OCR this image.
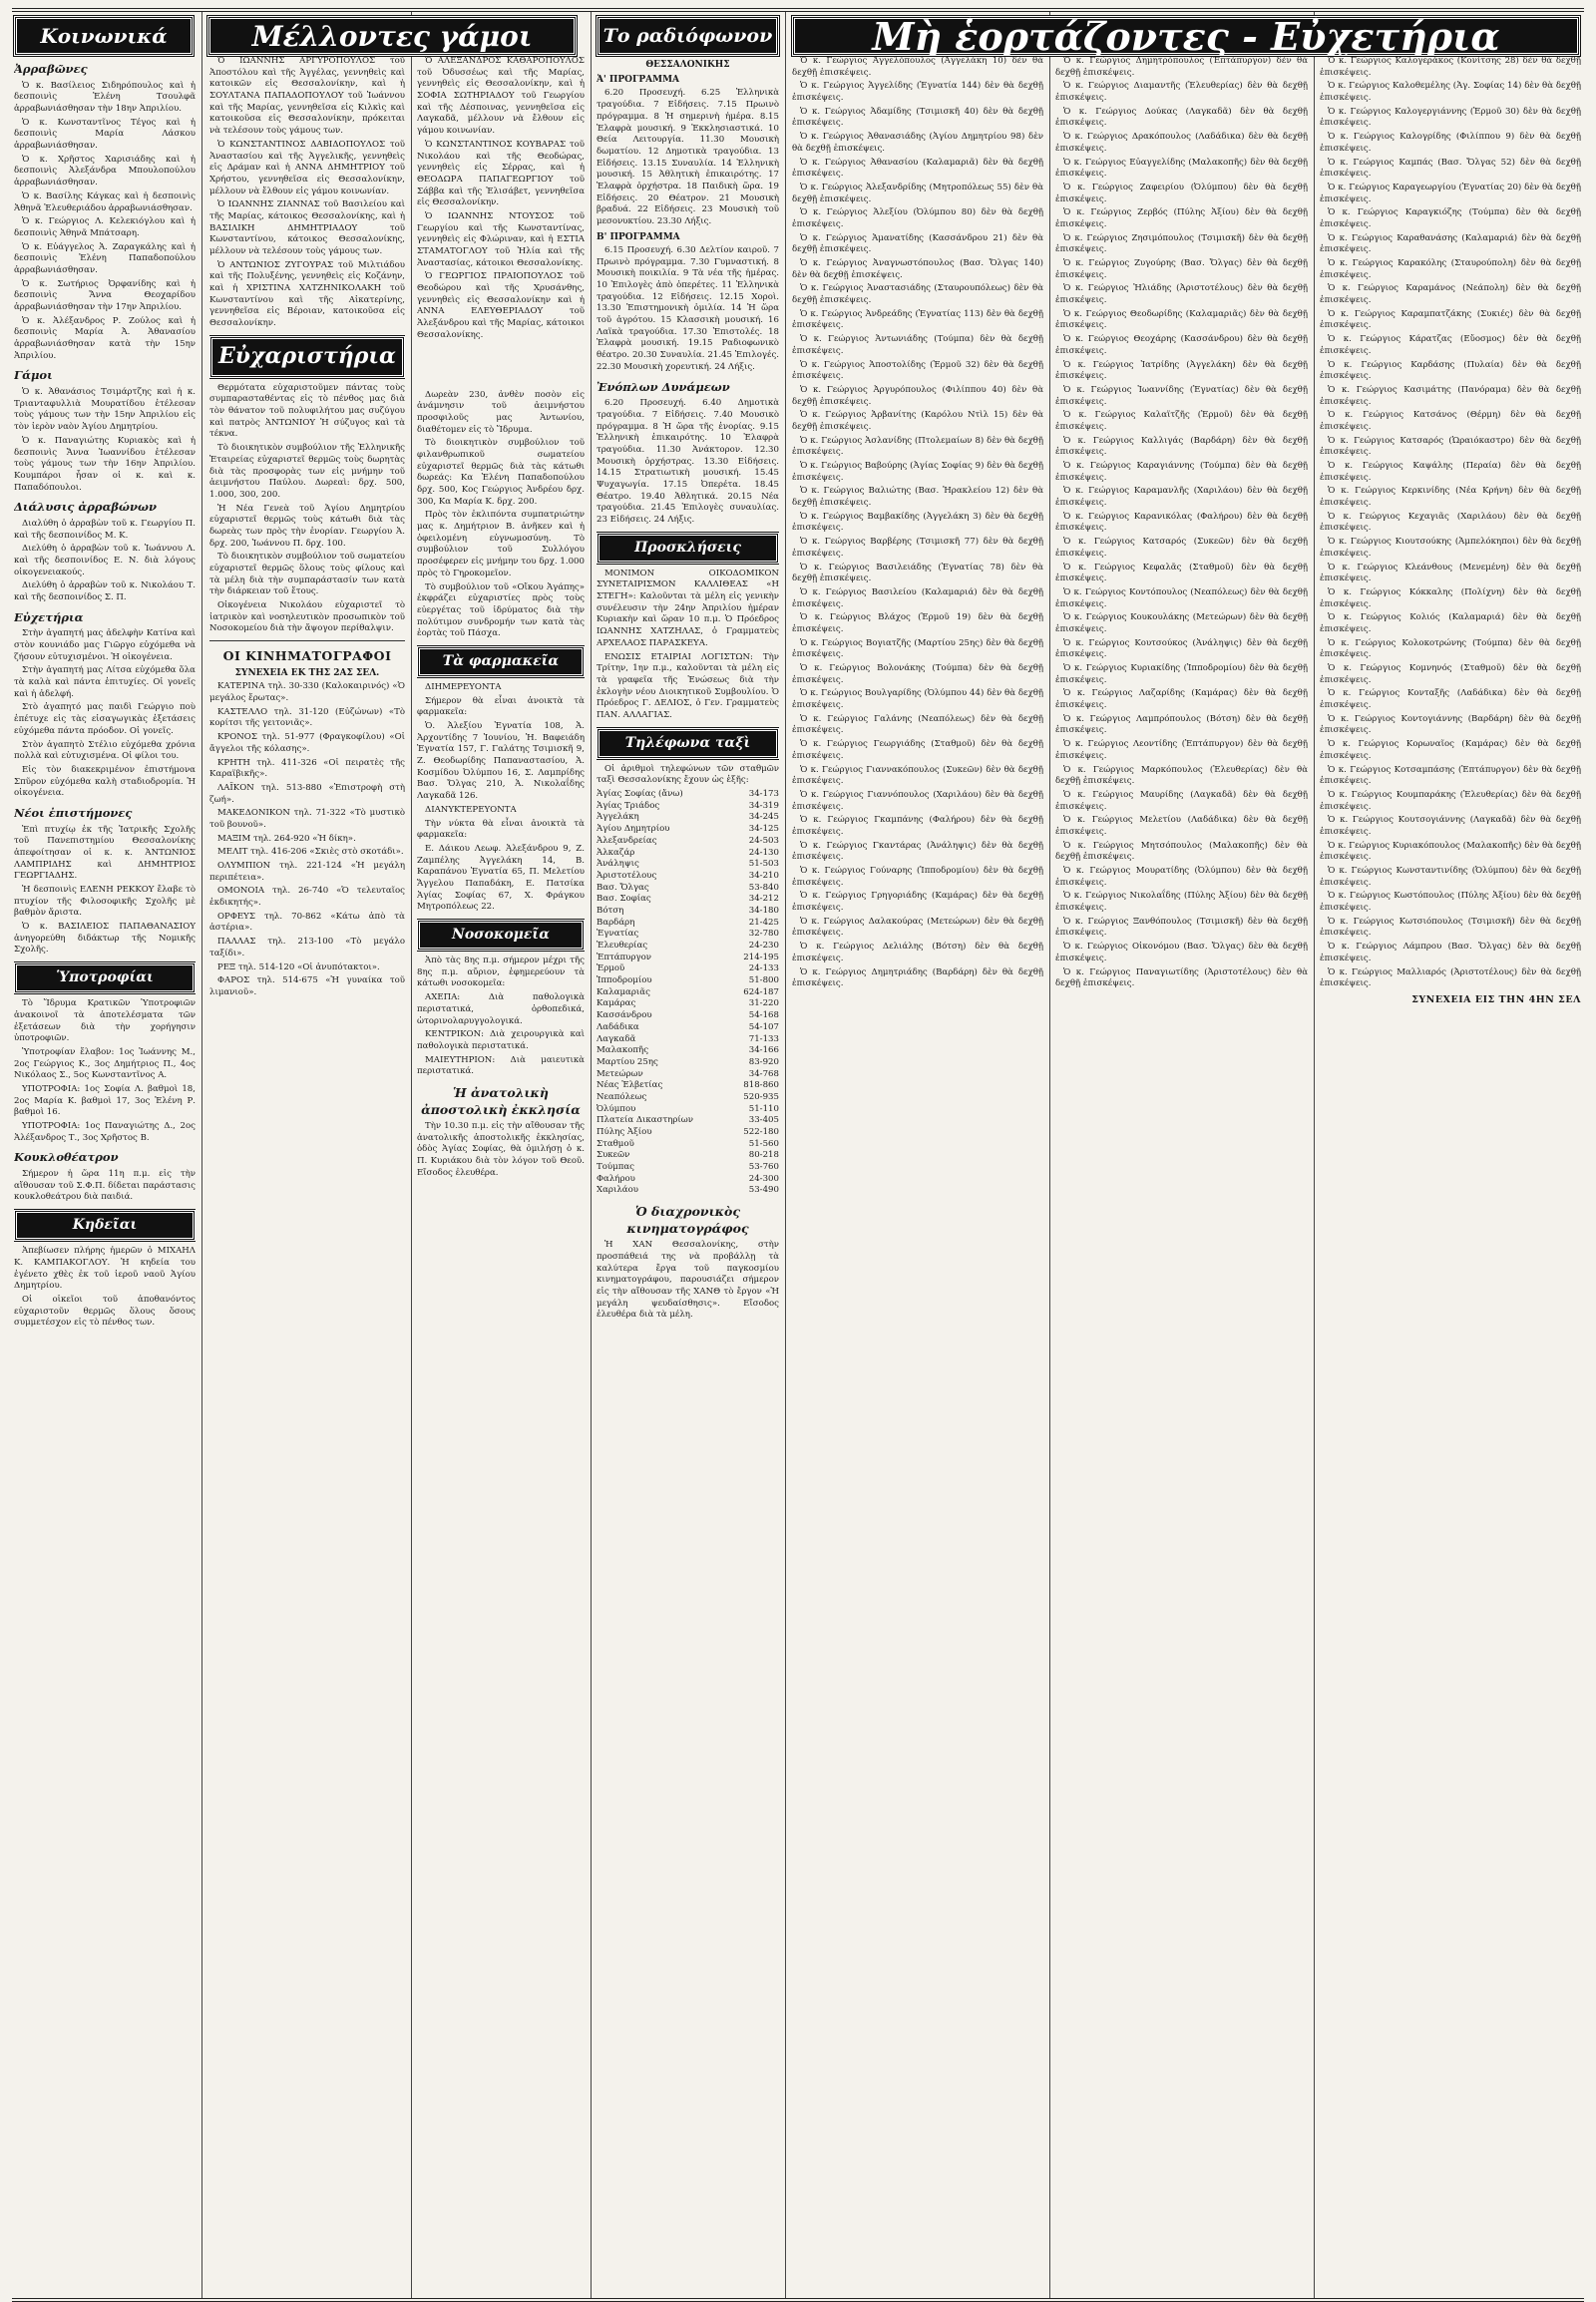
Κοινωνικά	Μέλλοντες γάμοι	Το ραδιόφωνον	Μὴ ἑορτάζοντες - Εὐχετήρια
Ἀρραβῶνες

Ὁ κ. Βασίλειος Σιδηρόπουλος καὶ ἡ δεσποινὶς Ἑλένη Τσουλφᾶ ἀρραβωνιάσθησαν τὴν 18ην Ἀπριλίου.

Ὁ κ. Κωνσταντῖνος Τέγος καὶ ἡ δεσποινὶς Μαρία Λάσκου ἀρραβωνιάσθησαν.

Ὁ κ. Χρῆστος Χαρισιάδης καὶ ἡ δεσποινὶς Ἀλεξάνδρα Μπουλοπούλου ἀρραβωνιάσθησαν.

Ὁ κ. Βασίλης Κάγκας καὶ ἡ δεσποινὶς Ἀθηνᾶ Ἐλευθεριάδου ἀρραβωνιάσθησαν.

Ὁ κ. Γεώργιος Λ. Κελεκιόγλου καὶ ἡ δεσποινὶς Ἀθηνᾶ Μπάτσαρη.

Ὁ κ. Εὐάγγελος Ἀ. Ζαραγκάλης καὶ ἡ δεσποινὶς Ἑλένη Παπαδοπούλου ἀρραβωνιάσθησαν.

Ὁ κ. Σωτήριος Ὀρφανίδης καὶ ἡ δεσποινὶς Ἄννα Θεοχαρίδου ἀρραβωνιάσθησαν τὴν 17ην Ἀπριλίου.

Ὁ κ. Ἀλέξανδρος Ρ. Ζούλος καὶ ἡ δεσποινὶς Μαρία Ἀ. Ἀθανασίου ἀρραβωνιάσθησαν κατὰ τὴν 15ην Ἀπριλίου.

Γάμοι

Ὁ κ. Ἀθανάσιος Τσιμάρτζης καὶ ἡ κ. Τριανταφυλλιὰ Μουρατίδου ἐτέλεσαν τοὺς γάμους των τὴν 15ην Ἀπριλίου εἰς τὸν ἱερὸν ναὸν Ἁγίου Δημητρίου.

Ὁ κ. Παναγιώτης Κυριακὸς καὶ ἡ δεσποινὶς Ἄννα Ἰωαννίδου ἐτέλεσαν τοὺς γάμους των τὴν 16ην Ἀπριλίου. Κουμπάροι ἦσαν οἱ κ. καὶ κ. Παπαδόπουλοι.

Διάλυσις ἀρραβώνων

Διαλύθη ὁ ἀρραβὼν τοῦ κ. Γεωργίου Π. καὶ τῆς δεσποινίδος Μ. Κ.

Διελύθη ὁ ἀρραβὼν τοῦ κ. Ἰωάννου Λ. καὶ τῆς δεσποινίδος Ε. Ν. διὰ λόγους οἰκογενειακούς.

Διελύθη ὁ ἀρραβὼν τοῦ κ. Νικολάου Τ. καὶ τῆς δεσποινίδος Σ. Π.

Εὐχετήρια

Στὴν ἀγαπητή μας ἀδελφὴν Κατίνα καὶ στὸν κουνιάδο μας Γιῶργο εὐχόμεθα νὰ ζήσουν εὐτυχισμένοι. Ἡ οἰκογένεια.

Στὴν ἀγαπητή μας Λίτσα εὐχόμεθα ὅλα τὰ καλὰ καὶ πάντα ἐπιτυχίες. Οἱ γονεῖς καὶ ἡ ἀδελφή.

Στὸ ἀγαπητό μας παιδὶ Γεώργιο ποὺ ἐπέτυχε εἰς τὰς εἰσαγωγικὰς ἐξετάσεις εὐχόμεθα πάντα πρόοδον. Οἱ γονεῖς.

Στὸν ἀγαπητὸ Στέλιο εὐχόμεθα χρόνια πολλὰ καὶ εὐτυχισμένα. Οἱ φίλοι του.

Εἰς τὸν διακεκριμένον ἐπιστήμονα Σπῦρον εὐχόμεθα καλὴ σταδιοδρομία. Ἡ οἰκογένεια.

Νέοι ἐπιστήμονες

Ἐπὶ πτυχίῳ ἐκ τῆς Ἰατρικῆς Σχολῆς τοῦ Πανεπιστημίου Θεσσαλονίκης ἀπεφοίτησαν οἱ κ. κ. ἈΝΤΩΝΙΟΣ ΛΑΜΠΡΙΔΗΣ καὶ ΔΗΜΗΤΡΙΟΣ ΓΕΩΡΓΙΑΔΗΣ.

Ἡ δεσποινὶς ΕΛΕΝΗ ΡΕΚΚΟΥ ἔλαβε τὸ πτυχίον τῆς Φιλοσοφικῆς Σχολῆς μὲ βαθμὸν ἄριστα.

Ὁ κ. ΒΑΣΙΛΕΙΟΣ ΠΑΠΑΘΑΝΑΣΙΟΥ ἀνηγορεύθη διδάκτωρ τῆς Νομικῆς Σχολῆς.

Ὑποτροφίαι

Τὸ Ἵδρυμα Κρατικῶν Ὑποτροφιῶν ἀνακοινοῖ τὰ ἀποτελέσματα τῶν ἐξετάσεων διὰ τὴν χορήγησιν ὑποτροφιῶν.

Ὑποτροφίαν ἔλαβον: 1ος Ἰωάννης Μ., 2ος Γεώργιος Κ., 3ος Δημήτριος Π., 4ος Νικόλαος Σ., 5ος Κωνσταντῖνος Α.

ΥΠΟΤΡΟΦΙΑ: 1ος Σοφία Λ. βαθμοὶ 18, 2ος Μαρία Κ. βαθμοὶ 17, 3ος Ἑλένη Ρ. βαθμοὶ 16.

ΥΠΟΤΡΟΦΙΑ: 1ος Παναγιώτης Δ., 2ος Ἀλέξανδρος Τ., 3ος Χρῆστος Β.

Κουκλοθέατρον

Σήμερον ἡ ὥρα 11η π.μ. εἰς τὴν αἴθουσαν τοῦ Σ.Φ.Π. δίδεται παράστασις κουκλοθεάτρου διὰ παιδιά.

Κηδεῖαι

Ἀπεβίωσεν πλήρης ἡμερῶν ὁ ΜΙΧΑΗΛ Κ. ΚΑΜΠΑΚΟΓΛΟΥ. Ἡ κηδεία του ἐγένετο χθὲς ἐκ τοῦ ἱεροῦ ναοῦ Ἁγίου Δημητρίου.

Οἱ οἰκεῖοι τοῦ ἀποθανόντος εὐχαριστοῦν θερμῶς ὅλους ὅσους συμμετέσχον εἰς τὸ πένθος των.

Ὁ ΙΩΑΝΝΗΣ ΑΡΓΥΡΟΠΟΥΛΟΣ τοῦ Ἀποστόλου καὶ τῆς Ἀγγέλας, γεννηθεὶς καὶ κατοικῶν εἰς Θεσσαλονίκην, καὶ ἡ ΣΟΥΛΤΑΝΑ ΠΑΠΑΔΟΠΟΥΛΟΥ τοῦ Ἰωάννου καὶ τῆς Μαρίας, γεννηθεῖσα εἰς Κιλκὶς καὶ κατοικοῦσα εἰς Θεσσαλονίκην, πρόκειται νὰ τελέσουν τοὺς γάμους των.

Ὁ ΚΩΝΣΤΑΝΤΙΝΟΣ ΔΑΒΙΔΟΠΟΥΛΟΣ τοῦ Ἀναστασίου καὶ τῆς Ἀγγελικῆς, γεννηθεὶς εἰς Δράμαν καὶ ἡ ΑΝΝΑ ΔΗΜΗΤΡΙΟΥ τοῦ Χρήστου, γεννηθεῖσα εἰς Θεσσαλονίκην, μέλλουν νὰ ἔλθουν εἰς γάμου κοινωνίαν.

Ὁ ΙΩΑΝΝΗΣ ΖΙΑΝΝΑΣ τοῦ Βασιλείου καὶ τῆς Μαρίας, κάτοικος Θεσσαλονίκης, καὶ ἡ ΒΑΣΙΛΙΚΗ ΔΗΜΗΤΡΙΑΔΟΥ τοῦ Κωνσταντίνου, κάτοικος Θεσσαλονίκης, μέλλουν νὰ τελέσουν τοὺς γάμους των.

Ὁ ΑΝΤΩΝΙΟΣ ΖΥΓΟΥΡΑΣ τοῦ Μιλτιάδου καὶ τῆς Πολυξένης, γεννηθεὶς εἰς Κοζάνην, καὶ ἡ ΧΡΙΣΤΙΝΑ ΧΑΤΖΗΝΙΚΟΛΑΚΗ τοῦ Κωνσταντίνου καὶ τῆς Αἰκατερίνης, γεννηθεῖσα εἰς Βέροιαν, κατοικοῦσα εἰς Θεσσαλονίκην.

Εὐχαριστήρια

Θερμότατα εὐχαριστοῦμεν πάντας τοὺς συμπαρασταθέντας εἰς τὸ πένθος μας διὰ τὸν θάνατον τοῦ πολυφιλήτου μας συζύγου καὶ πατρὸς ἈΝΤΩΝΙΟΥ Ἡ σύζυγος καὶ τὰ τέκνα.

Τὸ διοικητικὸν συμβούλιον τῆς Ἑλληνικῆς Ἑταιρείας εὐχαριστεῖ θερμῶς τοὺς δωρητὰς διὰ τὰς προσφορὰς των εἰς μνήμην τοῦ ἀειμνήστου Παύλου. Δωρεαὶ: δρχ. 500, 1.000, 300, 200.

Ἡ Νέα Γενεὰ τοῦ Ἀγίου Δημητρίου εὐχαριστεῖ θερμῶς τοὺς κάτωθι διὰ τὰς δωρεὰς των πρὸς τὴν ἐνορίαν. Γεωργίου Ἀ. δρχ. 200, Ἰωάννου Π. δρχ. 100.

Τὸ διοικητικὸν συμβούλιον τοῦ σωματείου εὐχαριστεῖ θερμῶς ὅλους τοὺς φίλους καὶ τὰ μέλη διὰ τὴν συμπαράστασίν των κατὰ τὴν διάρκειαν τοῦ ἔτους.

Οἰκογένεια Νικολάου εὐχαριστεῖ τὸ ἰατρικὸν καὶ νοσηλευτικὸν προσωπικὸν τοῦ Νοσοκομείου διὰ τὴν ἄψογον περίθαλψιν.

ΟΙ ΚΙΝΗΜΑΤΟΓΡΑΦΟΙ
ΣΥΝΕΧΕΙΑ ΕΚ ΤΗΣ 2ΑΣ ΣΕΛ.

ΚΑΤΕΡΙΝΑ τηλ. 30-330 (Καλοκαιρινός) «Ὁ μεγάλος ἔρωτας».

ΚΑΣΤΕΛΛΟ τηλ. 31-120 (Εὐζώνων) «Τὸ κορίτσι τῆς γειτονιᾶς».

ΚΡΟΝΟΣ τηλ. 51-977 (Φραγκοφίλου) «Οἱ ἄγγελοι τῆς κόλασης».

ΚΡΗΤΗ τηλ. 411-326 «Οἱ πειρατὲς τῆς Καραϊβικῆς».

ΛΑΪΚΟΝ τηλ. 513-880 «Ἐπιστροφὴ στὴ ζωή».

ΜΑΚΕΔΟΝΙΚΟΝ τηλ. 71-322 «Τὸ μυστικὸ τοῦ βουνοῦ».

ΜΑΞΙΜ τηλ. 264-920 «Ἡ δίκη».

ΜΕΛΙΤ τηλ. 416-206 «Σκιὲς στὸ σκοτάδι».

ΟΛΥΜΠΙΟΝ τηλ. 221-124 «Ἡ μεγάλη περιπέτεια».

ΟΜΟΝΟΙΑ τηλ. 26-740 «Ὁ τελευταῖος ἐκδικητής».

ΟΡΦΕΥΣ τηλ. 70-862 «Κάτω ἀπὸ τὰ ἀστέρια».

ΠΑΛΛΑΣ τηλ. 213-100 «Τὸ μεγάλο ταξίδι».

ΡΕΞ τηλ. 514-120 «Οἱ ἀνυπότακτοι».

ΦΑΡΟΣ τηλ. 514-675 «Ἡ γυναίκα τοῦ λιμανιοῦ».

Ὁ ΑΛΕΞΑΝΔΡΟΣ ΚΑΘΑΡΟΠΟΥΛΟΣ τοῦ Ὀδυσσέως καὶ τῆς Μαρίας, γεννηθεὶς εἰς Θεσσαλονίκην, καὶ ἡ ΣΟΦΙΑ ΣΩΤΗΡΙΑΔΟΥ τοῦ Γεωργίου καὶ τῆς Δέσποινας, γεννηθεῖσα εἰς Λαγκαδᾶ, μέλλουν νὰ ἔλθουν εἰς γάμου κοινωνίαν.

Ὁ ΚΩΝΣΤΑΝΤΙΝΟΣ ΚΟΥΒΑΡΑΣ τοῦ Νικολάου καὶ τῆς Θεοδώρας, γεννηθεὶς εἰς Σέρρας, καὶ ἡ ΘΕΟΔΩΡΑ ΠΑΠΑΓΕΩΡΓΙΟΥ τοῦ Σάββα καὶ τῆς Ἑλισάβετ, γεννηθεῖσα εἰς Θεσσαλονίκην.

Ὁ ΙΩΑΝΝΗΣ ΝΤΟΥΣΟΣ τοῦ Γεωργίου καὶ τῆς Κωνσταντίνας, γεννηθεὶς εἰς Φλώριναν, καὶ ἡ ΕΣΤΙΑ ΣΤΑΜΑΤΟΓΛΟΥ τοῦ Ἠλία καὶ τῆς Ἀναστασίας, κάτοικοι Θεσσαλονίκης.

Ὁ ΓΕΩΡΓΙΟΣ ΠΡΑΙΟΠΟΥΛΟΣ τοῦ Θεοδώρου καὶ τῆς Χρυσάνθης, γεννηθεὶς εἰς Θεσσαλονίκην καὶ ἡ ΑΝΝΑ ΕΛΕΥΘΕΡΙΑΔΟΥ τοῦ Ἀλεξάνδρου καὶ τῆς Μαρίας, κάτοικοι Θεσσαλονίκης.

Δωρεὰν 230, ἀνθὲν ποσὸν εἰς ἀνάμνησιν τοῦ ἀειμνήστου προσφιλοῦς μας Ἀντωνίου, διαθέτομεν εἰς τὸ Ἵδρυμα.

Τὸ διοικητικὸν συμβούλιον τοῦ φιλανθρωπικοῦ σωματείου εὐχαριστεῖ θερμῶς διὰ τὰς κάτωθι δωρεάς: Κα Ἑλένη Παπαδοπούλου δρχ. 500, Κος Γεώργιος Ἀνδρέου δρχ. 300, Κα Μαρία Κ. δρχ. 200.

Πρὸς τὸν ἐκλιπόντα συμπατριώτην μας κ. Δημήτριον Β. ἀνῆκεν καὶ ἡ ὀφειλομένη εὐγνωμοσύνη. Τὸ συμβούλιον τοῦ Συλλόγου προσέφερεν εἰς μνήμην του δρχ. 1.000 πρὸς τὸ Γηροκομεῖον.

Τὸ συμβούλιον τοῦ «Οἴκου Ἀγάπης» ἐκφράζει εὐχαριστίες πρὸς τοὺς εὐεργέτας τοῦ ἱδρύματος διὰ τὴν πολύτιμον συνδρομήν των κατὰ τὰς ἑορτὰς τοῦ Πάσχα.

Τὰ φαρμακεῖα

ΔΙΗΜΕΡΕΥΟΝΤΑ

Σήμερον θὰ εἶναι ἀνοικτὰ τὰ φαρμακεῖα:

Ὁ. Ἀλεξίου Ἐγνατία 108, Ἀ. Ἀρχοντίδης 7 Ἰουνίου, Ἠ. Βαφειάδη Ἐγνατία 157, Γ. Γαλάτης Τσιμισκῆ 9, Ζ. Θεοδωρίδης Παπαναστασίου, Ἀ. Κοσμίδου Ὀλύμπου 16, Σ. Λαμπρίδης Βασ. Ὄλγας 210, Ἀ. Νικολαΐδης Λαγκαδᾶ 126.

ΔΙΑΝΥΚΤΕΡΕΥΟΝΤΑ

Τὴν νύκτα θὰ εἶναι ἀνοικτὰ τὰ φαρμακεῖα:

Ε. Δάικου Λεωφ. Ἀλεξάνδρου 9, Ζ. Ζαμπέλης Ἀγγελάκη 14, Β. Καραπάνου Ἐγνατία 65, Π. Μελετίου Ἄγγελου Παπαδάκη, Ε. Πατσίκα Ἁγίας Σοφίας 67, Χ. Φράγκου Μητροπόλεως 22.

Νοσοκομεῖα

Ἀπὸ τὰς 8ης π.μ. σήμερον μέχρι τῆς 8ης π.μ. αὔριον, ἐφημερεύουν τὰ κάτωθι νοσοκομεῖα:

ΑΧΕΠΑ: Διὰ παθολογικὰ περιστατικά, ὀρθοπεδικά, ὠτορινολαρυγγολογικά.

ΚΕΝΤΡΙΚΟΝ: Διὰ χειρουργικὰ καὶ παθολογικὰ περιστατικά.

ΜΑΙΕΥΤΗΡΙΟΝ: Διὰ μαιευτικὰ περιστατικά.

Ἡ ἀνατολικὴ ἀποστολικὴ ἐκκλησία

Τὴν 10.30 π.μ. εἰς τὴν αἴθουσαν τῆς ἀνατολικῆς ἀποστολικῆς ἐκκλησίας, ὁδὸς Ἀγίας Σοφίας, θὰ ὁμιλήσῃ ὁ κ. Π. Κυριάκου διὰ τὸν λόγον τοῦ Θεοῦ. Εἴσοδος ἐλευθέρα.

ΘΕΣΣΑΛΟΝΙΚΗΣ
Ἀ' ΠΡΟΓΡΑΜΜΑ

6.20 Προσευχή. 6.25 Ἑλληνικὰ τραγούδια. 7 Εἰδήσεις. 7.15 Πρωινὸ πρόγραμμα. 8 Ἡ σημερινὴ ἡμέρα. 8.15 Ἐλαφρὰ μουσική. 9 Ἐκκλησιαστικά. 10 Θεία Λειτουργία. 11.30 Μουσικὴ δωματίου. 12 Δημοτικὰ τραγούδια. 13 Εἰδήσεις. 13.15 Συναυλία. 14 Ἐλληνικὴ μουσική. 15 Ἀθλητικὴ ἐπικαιρότης. 17 Ἐλαφρὰ ὀρχήστρα. 18 Παιδικὴ ὥρα. 19 Εἰδήσεις. 20 Θέατρον. 21 Μουσικὴ βραδυά. 22 Εἰδήσεις. 23 Μουσικὴ τοῦ μεσονυκτίου. 23.30 Λήξις.

Β' ΠΡΟΓΡΑΜΜΑ

6.15 Προσευχή. 6.30 Δελτίον καιροῦ. 7 Πρωινὸ πρόγραμμα. 7.30 Γυμναστική. 8 Μουσικὴ ποικιλία. 9 Τὰ νέα τῆς ἡμέρας. 10 Ἐπιλογὲς ἀπὸ ὀπερέτες. 11 Ἐλληνικὰ τραγούδια. 12 Εἰδήσεις. 12.15 Χοροὶ. 13.30 Ἐπιστημονικὴ ὁμιλία. 14 Ἡ ὥρα τοῦ ἀγρότου. 15 Κλασσικὴ μουσική. 16 Λαϊκὰ τραγούδια. 17.30 Ἐπιστολές. 18 Ἐλαφρὰ μουσική. 19.15 Ραδιοφωνικὸ θέατρο. 20.30 Συναυλία. 21.45 Ἐπιλογές. 22.30 Μουσικὴ χορευτική. 24 Λήξις.

Ἐνόπλων Δυνάμεων

6.20 Προσευχή. 6.40 Δημοτικὰ τραγούδια. 7 Εἰδήσεις. 7.40 Μουσικὸ πρόγραμμα. 8 Ἡ ὥρα τῆς ἐνορίας. 9.15 Ἐλληνικὴ ἐπικαιρότης. 10 Ἐλαφρὰ τραγούδια. 11.30 Ἀνάκτορον. 12.30 Μουσικὴ ὀρχήστρας. 13.30 Εἰδήσεις. 14.15 Στρατιωτικὴ μουσική. 15.45 Ψυχαγωγία. 17.15 Ὀπερέτα. 18.45 Θέατρο. 19.40 Ἀθλητικά. 20.15 Νέα τραγούδια. 21.45 Ἐπιλογὲς συναυλίας. 23 Εἰδήσεις. 24 Λήξις.

Προσκλήσεις

ΜΟΝΙΜΟΝ ΟΙΚΟΔΟΜΙΚΟΝ ΣΥΝΕΤΑΙΡΙΣΜΟΝ ΚΑΛΛΙΘΕΑΣ «Η ΣΤΕΓΗ»: Καλοῦνται τὰ μέλη εἰς γενικὴν συνέλευσιν τὴν 24ην Ἀπριλίου ἡμέραν Κυριακὴν καὶ ὥραν 10 π.μ. Ὁ Πρόεδρος ΙΩΑΝΝΗΣ ΧΑΤΖΗΛΑΣ, ὁ Γραμματεὺς ΑΡΧΕΛΑΟΣ ΠΑΡΑΣΚΕΥΑ.

ΕΝΩΣΙΣ ΕΤΑΙΡΙΑΙ ΛΟΓΙΣΤΩΝ: Τὴν Τρίτην, 1ην π.μ., καλοῦνται τὰ μέλη εἰς τὰ γραφεῖα τῆς Ἑνώσεως διὰ τὴν ἐκλογὴν νέου Διοικητικοῦ Συμβουλίου. Ὁ Πρόεδρος Γ. ΔΕΛΙΟΣ, ὁ Γεν. Γραμματεὺς ΠΑΝ. ΑΛΛΑΓΙΑΣ.

Τηλέφωνα ταξὶ

Οἱ ἀριθμοὶ τηλεφώνων τῶν σταθμῶν ταξὶ Θεσσαλονίκης ἔχουν ὡς ἑξῆς:

Ἁγίας Σοφίας (ἄνω)	34-173
Ἁγίας Τριάδος	34-319
Ἀγγελάκη	34-245
Ἀγίου Δημητρίου	34-125
Ἀλεξανδρείας	24-503
Ἀλκαζάρ	24-130
Ἀνάληψις	51-503
Ἀριστοτέλους	34-210
Βασ. Ὄλγας	53-840
Βασ. Σοφίας	34-212
Βότση	34-180
Βαρδάρη	21-425
Ἐγνατίας	32-780
Ἐλευθερίας	24-230
Ἐπτάπυργον	214-195
Ἑρμοῦ	24-133
Ἱπποδρομίου	51-800
Καλαμαριᾶς	624-187
Καμάρας	31-220
Κασσάνδρου	54-168
Λαδάδικα	54-107
Λαγκαδᾶ	71-133
Μαλακοπῆς	34-166
Μαρτίου 25ης	83-920
Μετεώρων	34-768
Νέας Ἐλβετίας	818-860
Νεαπόλεως	520-935
Ὀλύμπου	51-110
Πλατεία Δικαστηρίων	33-405
Πύλης Ἀξίου	522-180
Σταθμοῦ	51-560
Συκεῶν	80-218
Τούμπας	53-760
Φαλήρου	24-300
Χαριλάου	53-490
Ὁ διαχρονικὸς κινηματογράφος

Ἡ ΧΑΝ Θεσσαλονίκης, στὴν προσπάθειά της νὰ προβάλλῃ τὰ καλύτερα ἔργα τοῦ παγκοσμίου κινηματογράφου, παρουσιάζει σήμερον εἰς τὴν αἴθουσαν τῆς ΧΑΝΘ τὸ ἔργον «Ἡ μεγάλη ψευδαίσθησις». Εἴσοδος ἐλευθέρα διὰ τὰ μέλη.

Ὁ κ. Γεώργιος Ἀγγελόπουλος (Ἀγγελάκη 10) δὲν θὰ δεχθῇ ἐπισκέψεις.

Ὁ κ. Γεώργιος Ἀγγελίδης (Ἐγνατία 144) δὲν θὰ δεχθῇ ἐπισκέψεις.

Ὁ κ. Γεώργιος Ἀδαμίδης (Τσιμισκῆ 40) δὲν θὰ δεχθῇ ἐπισκέψεις.

Ὁ κ. Γεώργιος Ἀθανασιάδης (Ἀγίου Δημητρίου 98) δὲν θὰ δεχθῇ ἐπισκέψεις.

Ὁ κ. Γεώργιος Ἀθανασίου (Καλαμαριᾶ) δὲν θὰ δεχθῇ ἐπισκέψεις.

Ὁ κ. Γεώργιος Ἀλεξανδρίδης (Μητροπόλεως 55) δὲν θὰ δεχθῇ ἐπισκέψεις.

Ὁ κ. Γεώργιος Ἀλεξίου (Ὀλύμπου 80) δὲν θὰ δεχθῇ ἐπισκέψεις.

Ὁ κ. Γεώργιος Ἀμανατίδης (Κασσάνδρου 21) δὲν θὰ δεχθῇ ἐπισκέψεις.

Ὁ κ. Γεώργιος Ἀναγνωστόπουλος (Βασ. Ὄλγας 140) δὲν θὰ δεχθῇ ἐπισκέψεις.

Ὁ κ. Γεώργιος Ἀναστασιάδης (Σταυρουπόλεως) δὲν θὰ δεχθῇ ἐπισκέψεις.

Ὁ κ. Γεώργιος Ἀνδρεάδης (Ἐγνατίας 113) δὲν θὰ δεχθῇ ἐπισκέψεις.

Ὁ κ. Γεώργιος Ἀντωνιάδης (Τούμπα) δὲν θὰ δεχθῇ ἐπισκέψεις.

Ὁ κ. Γεώργιος Ἀποστολίδης (Ἑρμοῦ 32) δὲν θὰ δεχθῇ ἐπισκέψεις.

Ὁ κ. Γεώργιος Ἀργυρόπουλος (Φιλίππου 40) δὲν θὰ δεχθῇ ἐπισκέψεις.

Ὁ κ. Γεώργιος Ἀρβανίτης (Καρόλου Ντὶλ 15) δὲν θὰ δεχθῇ ἐπισκέψεις.

Ὁ κ. Γεώργιος Ἀσλανίδης (Πτολεμαίων 8) δὲν θὰ δεχθῇ ἐπισκέψεις.

Ὁ κ. Γεώργιος Βαβούρης (Ἀγίας Σοφίας 9) δὲν θὰ δεχθῇ ἐπισκέψεις.

Ὁ κ. Γεώργιος Βαλιώτης (Βασ. Ἡρακλείου 12) δὲν θὰ δεχθῇ ἐπισκέψεις.

Ὁ κ. Γεώργιος Βαμβακίδης (Ἀγγελάκη 3) δὲν θὰ δεχθῇ ἐπισκέψεις.

Ὁ κ. Γεώργιος Βαρβέρης (Τσιμισκῆ 77) δὲν θὰ δεχθῇ ἐπισκέψεις.

Ὁ κ. Γεώργιος Βασιλειάδης (Ἐγνατίας 78) δὲν θὰ δεχθῇ ἐπισκέψεις.

Ὁ κ. Γεώργιος Βασιλείου (Καλαμαριά) δὲν θὰ δεχθῇ ἐπισκέψεις.

Ὁ κ. Γεώργιος Βλάχος (Ἑρμοῦ 19) δὲν θὰ δεχθῇ ἐπισκέψεις.

Ὁ κ. Γεώργιος Βογιατζῆς (Μαρτίου 25ης) δὲν θὰ δεχθῇ ἐπισκέψεις.

Ὁ κ. Γεώργιος Βολονάκης (Τούμπα) δὲν θὰ δεχθῇ ἐπισκέψεις.

Ὁ κ. Γεώργιος Βουλγαρίδης (Ὀλύμπου 44) δὲν θὰ δεχθῇ ἐπισκέψεις.

Ὁ κ. Γεώργιος Γαλάνης (Νεαπόλεως) δὲν θὰ δεχθῇ ἐπισκέψεις.

Ὁ κ. Γεώργιος Γεωργιάδης (Σταθμοῦ) δὲν θὰ δεχθῇ ἐπισκέψεις.

Ὁ κ. Γεώργιος Γιαννακόπουλος (Συκεῶν) δὲν θὰ δεχθῇ ἐπισκέψεις.

Ὁ κ. Γεώργιος Γιαννόπουλος (Χαριλάου) δὲν θὰ δεχθῇ ἐπισκέψεις.

Ὁ κ. Γεώργιος Γκαμπάνης (Φαλήρου) δὲν θὰ δεχθῇ ἐπισκέψεις.

Ὁ κ. Γεώργιος Γκαντάρας (Ἀνάληψις) δὲν θὰ δεχθῇ ἐπισκέψεις.

Ὁ κ. Γεώργιος Γούναρης (Ἱπποδρομίου) δὲν θὰ δεχθῇ ἐπισκέψεις.

Ὁ κ. Γεώργιος Γρηγοριάδης (Καμάρας) δὲν θὰ δεχθῇ ἐπισκέψεις.

Ὁ κ. Γεώργιος Δαλακούρας (Μετεώρων) δὲν θὰ δεχθῇ ἐπισκέψεις.

Ὁ κ. Γεώργιος Δελιάλης (Βότση) δὲν θὰ δεχθῇ ἐπισκέψεις.

Ὁ κ. Γεώργιος Δημητριάδης (Βαρδάρη) δὲν θὰ δεχθῇ ἐπισκέψεις.

Ὁ κ. Γεώργιος Δημητρόπουλος (Ἐπτάπυργον) δὲν θὰ δεχθῇ ἐπισκέψεις.

Ὁ κ. Γεώργιος Διαμαντῆς (Ἐλευθερίας) δὲν θὰ δεχθῇ ἐπισκέψεις.

Ὁ κ. Γεώργιος Δούκας (Λαγκαδᾶ) δὲν θὰ δεχθῇ ἐπισκέψεις.

Ὁ κ. Γεώργιος Δρακόπουλος (Λαδάδικα) δὲν θὰ δεχθῇ ἐπισκέψεις.

Ὁ κ. Γεώργιος Εὐαγγελίδης (Μαλακοπῆς) δὲν θὰ δεχθῇ ἐπισκέψεις.

Ὁ κ. Γεώργιος Ζαφειρίου (Ὀλύμπου) δὲν θὰ δεχθῇ ἐπισκέψεις.

Ὁ κ. Γεώργιος Ζερβός (Πύλης Ἀξίου) δὲν θὰ δεχθῇ ἐπισκέψεις.

Ὁ κ. Γεώργιος Ζησιμόπουλος (Τσιμισκῆ) δὲν θὰ δεχθῇ ἐπισκέψεις.

Ὁ κ. Γεώργιος Ζυγούρης (Βασ. Ὄλγας) δὲν θὰ δεχθῇ ἐπισκέψεις.

Ὁ κ. Γεώργιος Ἠλιάδης (Ἀριστοτέλους) δὲν θὰ δεχθῇ ἐπισκέψεις.

Ὁ κ. Γεώργιος Θεοδωρίδης (Καλαμαριᾶς) δὲν θὰ δεχθῇ ἐπισκέψεις.

Ὁ κ. Γεώργιος Θεοχάρης (Κασσάνδρου) δὲν θὰ δεχθῇ ἐπισκέψεις.

Ὁ κ. Γεώργιος Ἰατρίδης (Ἀγγελάκη) δὲν θὰ δεχθῇ ἐπισκέψεις.

Ὁ κ. Γεώργιος Ἰωαννίδης (Ἐγνατίας) δὲν θὰ δεχθῇ ἐπισκέψεις.

Ὁ κ. Γεώργιος Καλαϊτζῆς (Ἑρμοῦ) δὲν θὰ δεχθῇ ἐπισκέψεις.

Ὁ κ. Γεώργιος Καλλιγάς (Βαρδάρη) δὲν θὰ δεχθῇ ἐπισκέψεις.

Ὁ κ. Γεώργιος Καραγιάννης (Τούμπα) δὲν θὰ δεχθῇ ἐπισκέψεις.

Ὁ κ. Γεώργιος Καραμανλῆς (Χαριλάου) δὲν θὰ δεχθῇ ἐπισκέψεις.

Ὁ κ. Γεώργιος Καρανικόλας (Φαλήρου) δὲν θὰ δεχθῇ ἐπισκέψεις.

Ὁ κ. Γεώργιος Κατσαρός (Συκεῶν) δὲν θὰ δεχθῇ ἐπισκέψεις.

Ὁ κ. Γεώργιος Κεφαλᾶς (Σταθμοῦ) δὲν θὰ δεχθῇ ἐπισκέψεις.

Ὁ κ. Γεώργιος Κοντόπουλος (Νεαπόλεως) δὲν θὰ δεχθῇ ἐπισκέψεις.

Ὁ κ. Γεώργιος Κουκουλάκης (Μετεώρων) δὲν θὰ δεχθῇ ἐπισκέψεις.

Ὁ κ. Γεώργιος Κουτσούκος (Ἀνάληψις) δὲν θὰ δεχθῇ ἐπισκέψεις.

Ὁ κ. Γεώργιος Κυριακίδης (Ἱπποδρομίου) δὲν θὰ δεχθῇ ἐπισκέψεις.

Ὁ κ. Γεώργιος Λαζαρίδης (Καμάρας) δὲν θὰ δεχθῇ ἐπισκέψεις.

Ὁ κ. Γεώργιος Λαμπρόπουλος (Βότση) δὲν θὰ δεχθῇ ἐπισκέψεις.

Ὁ κ. Γεώργιος Λεοντίδης (Ἐπτάπυργον) δὲν θὰ δεχθῇ ἐπισκέψεις.

Ὁ κ. Γεώργιος Μαρκόπουλος (Ἐλευθερίας) δὲν θὰ δεχθῇ ἐπισκέψεις.

Ὁ κ. Γεώργιος Μαυρίδης (Λαγκαδᾶ) δὲν θὰ δεχθῇ ἐπισκέψεις.

Ὁ κ. Γεώργιος Μελετίου (Λαδάδικα) δὲν θὰ δεχθῇ ἐπισκέψεις.

Ὁ κ. Γεώργιος Μητσόπουλος (Μαλακοπῆς) δὲν θὰ δεχθῇ ἐπισκέψεις.

Ὁ κ. Γεώργιος Μουρατίδης (Ὀλύμπου) δὲν θὰ δεχθῇ ἐπισκέψεις.

Ὁ κ. Γεώργιος Νικολαΐδης (Πύλης Ἀξίου) δὲν θὰ δεχθῇ ἐπισκέψεις.

Ὁ κ. Γεώργιος Ξανθόπουλος (Τσιμισκῆ) δὲν θὰ δεχθῇ ἐπισκέψεις.

Ὁ κ. Γεώργιος Οἰκονόμου (Βασ. Ὄλγας) δὲν θὰ δεχθῇ ἐπισκέψεις.

Ὁ κ. Γεώργιος Παναγιωτίδης (Ἀριστοτέλους) δὲν θὰ δεχθῇ ἐπισκέψεις.

Ὁ κ. Γεώργιος Καλογεράκος (Κονίτσης 28) δὲν θὰ δεχθῇ ἐπισκέψεις.

Ὁ κ. Γεώργιος Καλοθεμέλης (Ἀγ. Σοφίας 14) δὲν θὰ δεχθῇ ἐπισκέψεις.

Ὁ κ. Γεώργιος Καλογεργιάννης (Ἑρμοῦ 30) δὲν θὰ δεχθῇ ἐπισκέψεις.

Ὁ κ. Γεώργιος Καλογρίδης (Φιλίππου 9) δὲν θὰ δεχθῇ ἐπισκέψεις.

Ὁ κ. Γεώργιος Καμπάς (Βασ. Ὄλγας 52) δὲν θὰ δεχθῇ ἐπισκέψεις.

Ὁ κ. Γεώργιος Καραγεωργίου (Ἐγνατίας 20) δὲν θὰ δεχθῇ ἐπισκέψεις.

Ὁ κ. Γεώργιος Καραγκιόζης (Τούμπα) δὲν θὰ δεχθῇ ἐπισκέψεις.

Ὁ κ. Γεώργιος Καραθανάσης (Καλαμαριά) δὲν θὰ δεχθῇ ἐπισκέψεις.

Ὁ κ. Γεώργιος Καρακόλης (Σταυρούπολη) δὲν θὰ δεχθῇ ἐπισκέψεις.

Ὁ κ. Γεώργιος Καραμάνος (Νεάπολη) δὲν θὰ δεχθῇ ἐπισκέψεις.

Ὁ κ. Γεώργιος Καραμπατζάκης (Συκιές) δὲν θὰ δεχθῇ ἐπισκέψεις.

Ὁ κ. Γεώργιος Κάρατζας (Εὔοσμος) δὲν θὰ δεχθῇ ἐπισκέψεις.

Ὁ κ. Γεώργιος Καρδάσης (Πυλαία) δὲν θὰ δεχθῇ ἐπισκέψεις.

Ὁ κ. Γεώργιος Κασιμάτης (Πανόραμα) δὲν θὰ δεχθῇ ἐπισκέψεις.

Ὁ κ. Γεώργιος Κατσάνος (Θέρμη) δὲν θὰ δεχθῇ ἐπισκέψεις.

Ὁ κ. Γεώργιος Κατσαρός (Ὡραιόκαστρο) δὲν θὰ δεχθῇ ἐπισκέψεις.

Ὁ κ. Γεώργιος Καψάλης (Περαία) δὲν θὰ δεχθῇ ἐπισκέψεις.

Ὁ κ. Γεώργιος Κερκινίδης (Νέα Κρήνη) δὲν θὰ δεχθῇ ἐπισκέψεις.

Ὁ κ. Γεώργιος Κεχαγιᾶς (Χαριλάου) δὲν θὰ δεχθῇ ἐπισκέψεις.

Ὁ κ. Γεώργιος Κιουτσούκης (Ἀμπελόκηποι) δὲν θὰ δεχθῇ ἐπισκέψεις.

Ὁ κ. Γεώργιος Κλεάνθους (Μενεμένη) δὲν θὰ δεχθῇ ἐπισκέψεις.

Ὁ κ. Γεώργιος Κόκκαλης (Πολίχνη) δὲν θὰ δεχθῇ ἐπισκέψεις.

Ὁ κ. Γεώργιος Κολιός (Καλαμαριά) δὲν θὰ δεχθῇ ἐπισκέψεις.

Ὁ κ. Γεώργιος Κολοκοτρώνης (Τούμπα) δὲν θὰ δεχθῇ ἐπισκέψεις.

Ὁ κ. Γεώργιος Κομνηνός (Σταθμοῦ) δὲν θὰ δεχθῇ ἐπισκέψεις.

Ὁ κ. Γεώργιος Κονταξῆς (Λαδάδικα) δὲν θὰ δεχθῇ ἐπισκέψεις.

Ὁ κ. Γεώργιος Κοντογιάννης (Βαρδάρη) δὲν θὰ δεχθῇ ἐπισκέψεις.

Ὁ κ. Γεώργιος Κορωναῖος (Καμάρας) δὲν θὰ δεχθῇ ἐπισκέψεις.

Ὁ κ. Γεώργιος Κοτσαμπάσης (Ἐπτάπυργον) δὲν θὰ δεχθῇ ἐπισκέψεις.

Ὁ κ. Γεώργιος Κουμπαράκης (Ἐλευθερίας) δὲν θὰ δεχθῇ ἐπισκέψεις.

Ὁ κ. Γεώργιος Κουτσογιάννης (Λαγκαδᾶ) δὲν θὰ δεχθῇ ἐπισκέψεις.

Ὁ κ. Γεώργιος Κυριακόπουλος (Μαλακοπῆς) δὲν θὰ δεχθῇ ἐπισκέψεις.

Ὁ κ. Γεώργιος Κωνσταντινίδης (Ὀλύμπου) δὲν θὰ δεχθῇ ἐπισκέψεις.

Ὁ κ. Γεώργιος Κωστόπουλος (Πύλης Ἀξίου) δὲν θὰ δεχθῇ ἐπισκέψεις.

Ὁ κ. Γεώργιος Κωτσιόπουλος (Τσιμισκῆ) δὲν θὰ δεχθῇ ἐπισκέψεις.

Ὁ κ. Γεώργιος Λάμπρου (Βασ. Ὄλγας) δὲν θὰ δεχθῇ ἐπισκέψεις.

Ὁ κ. Γεώργιος Μαλλιαρός (Ἀριστοτέλους) δὲν θὰ δεχθῇ ἐπισκέψεις.

ΣΥΝΕΧΕΙΑ ΕΙΣ ΤΗΝ 4ΗΝ ΣΕΛ
